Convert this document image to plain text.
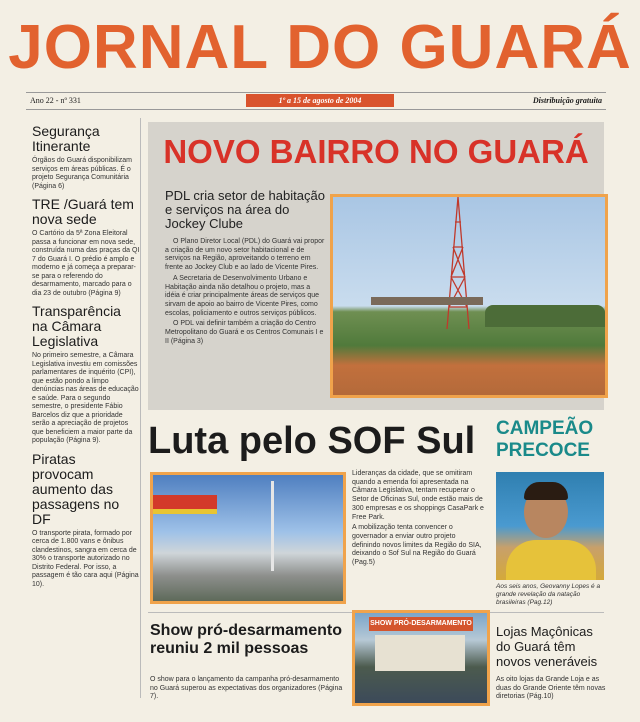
JORNAL DO GUARÁ
Ano 22 - nº 331	1º a 15 de agosto de 2004	Distribuição gratuita
Segurança Itinerante
Órgãos do Guará disponibilizam serviços em áreas públicas. É o projeto Segurança Comunitária (Página 6)
TRE /Guará tem nova sede
O Cartório da 5ª Zona Eleitoral passa a funcionar em nova sede, construída numa das praças da QI 7 do Guará I. O prédio é amplo e moderno e já começa a preparar-se para o referendo do desarmamento, marcado para o dia 23 de outubro (Página 9)
Transparência na Câmara Legislativa
No primeiro semestre, a Câmara Legislativa investiu em comissões parlamentares de inquérito (CPI), que estão pondo a limpo denúncias nas áreas de educação e saúde. Para o segundo semestre, o presidente Fábio Barcelos diz que a prioridade serão a apreciação de projetos que beneficiem a maior parte da população (Página 9).
Piratas provocam aumento das passagens no DF
O transporte pirata, formado por cerca de 1.800 vans e ônibus clandestinos, sangra em cerca de 30% o transporte autorizado no Distrito Federal. Por isso, a passagem é tão cara aqui (Página 10).
NOVO BAIRRO NO GUARÁ
PDL cria setor de habitação e serviços na área do Jockey Clube

O Plano Diretor Local (PDL) do Guará vai propor a criação de um novo setor habitacional e de serviços na Região, aproveitando o terreno em frente ao Jockey Club e ao lado de Vicente Pires.

A Secretaria de Desenvolvimento Urbano e Habitação ainda não detalhou o projeto, mas a idéia é criar principalmente áreas de serviços que sirvam de apoio ao bairro de Vicente Pires, como escolas, policiamento e outros serviços públicos.

O PDL vai definir também a criação do Centro Metropolitano do Guará e os Centros Comunais I e II (Página 3)

Luta pelo SOF Sul

Lideranças da cidade, que se omitiram quando a emenda foi apresentada na Câmara Legislativa, tentam recuperar o Setor de Oficinas Sul, onde estão mais de 300 empresas e os shoppings CasaPark e Free Park.

A mobilização tenta convencer o governador a enviar outro projeto definindo novos limites da Região do SIA, deixando o Sof Sul na Região do Guará (Pag.5)

CAMPEÃO PRECOCE
Aos seis anos, Geovanny Lopes é a grande revelação da natação brasileiras (Pag.12)
Show pró-desarmamento reuniu 2 mil pessoas
O show para o lançamento da campanha pró-desarmamento no Guará superou as expectativas dos organizadores (Página 7).
SHOW PRÓ-DESARMAMENTO
Lojas Maçônicas do Guará têm novos veneráveis
As oito lojas da Grande Loja e as duas do Grande Oriente têm novas diretorias (Pág.10)
